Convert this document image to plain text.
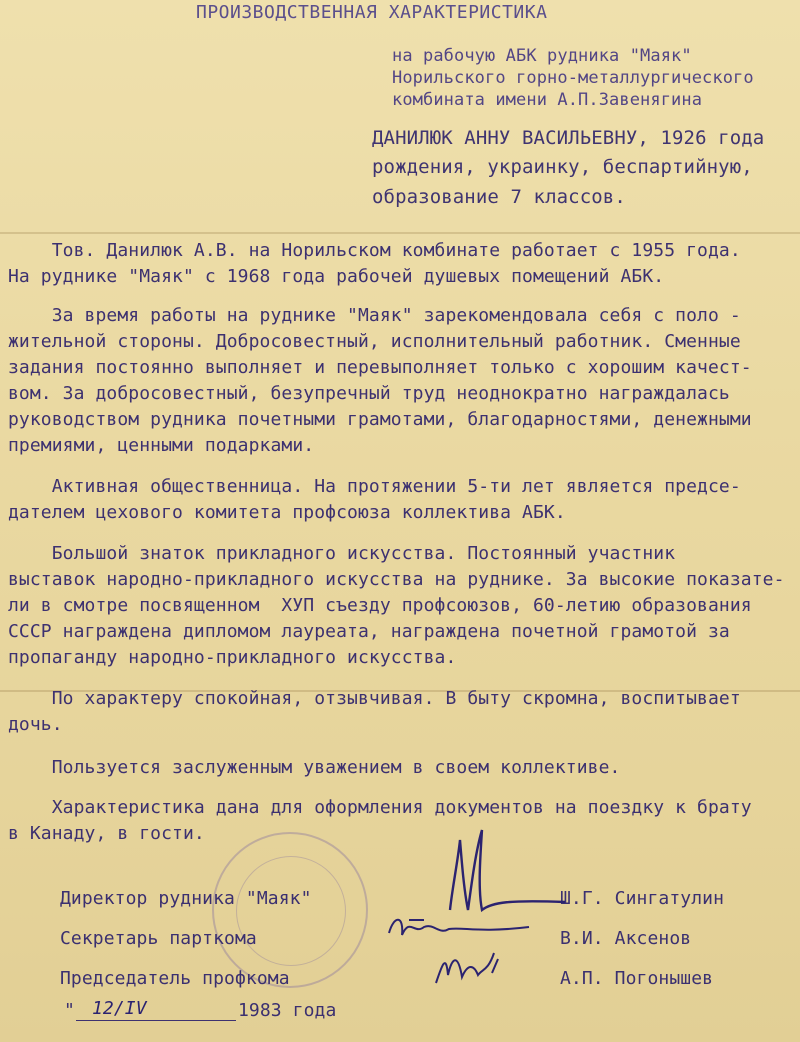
ПРОИЗВОДСТВЕННАЯ ХАРАКТЕРИСТИКА
на рабочую АБК рудника "Маяк"
Норильского горно-металлургического
комбината имени А.П.Завенягина
ДАНИЛЮК АННУ ВАСИЛЬЕВНУ, 1926 года
рождения, украинку, беспартийную,
образование 7 классов.
Тов. Данилюк А.В. на Норильском комбинате работает с 1955 года.
На руднике "Маяк" с 1968 года рабочей душевых помещений АБК.
За время работы на руднике "Маяк" зарекомендовала себя с поло -
жительной стороны. Добросовестный, исполнительный работник. Сменные
задания постоянно выполняет и перевыполняет только с хорошим качест-
вом. За добросовестный, безупречный труд неоднократно награждалась
руководством рудника почетными грамотами, благодарностями, денежными
премиями, ценными подарками.
Активная общественница. На протяжении 5-ти лет является предсе-
дателем цехового комитета профсоюза коллектива АБК.
Большой знаток прикладного искусства. Постоянный участник
выставок народно-прикладного искусства на руднике. За высокие показате-
ли в смотре посвященном  ХУП съезду профсоюзов, 60-летию образования
СССР награждена дипломом лауреата, награждена почетной грамотой за
пропаганду народно-прикладного искусства.
По характеру спокойная, отзывчивая. В быту скромна, воспитывает
дочь.
Пользуется заслуженным уважением в своем коллективе.
Характеристика дана для оформления документов на поездку к брату
в Канаду, в гости.
Директор рудника "Маяк"	Ш.Г. Сингатулин
Секретарь парткома	В.И. Аксенов
Председатель профкома	А.П. Погонышев
" 12/IV	1983 года
